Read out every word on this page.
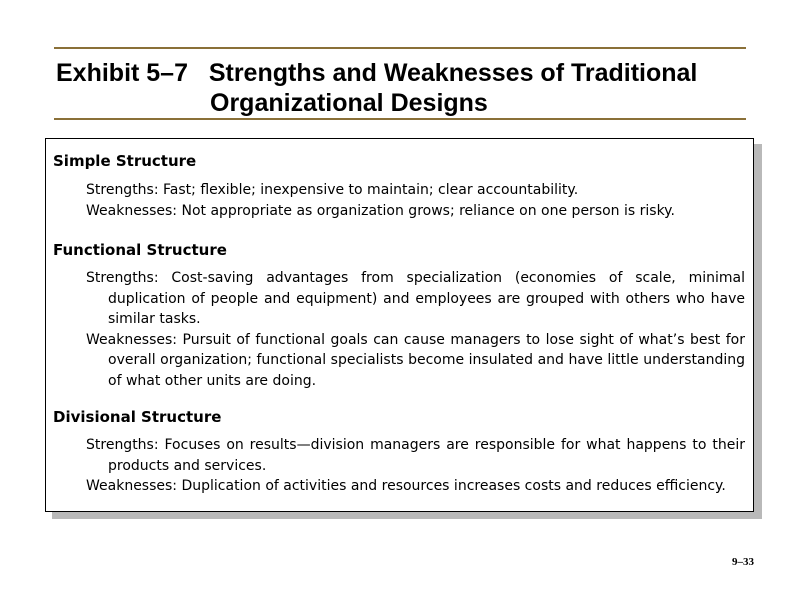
Exhibit 5–7   Strengths and Weaknesses of Traditional
Organizational Designs
Simple Structure
Strengths: Fast; flexible; inexpensive to maintain; clear accountability.
Weaknesses: Not appropriate as organization grows; reliance on one person is risky.
Functional Structure
Strengths: Cost-saving advantages from specialization (economies of scale, minimal duplication of people and equipment) and employees are grouped with others who have similar tasks.
Weaknesses: Pursuit of functional goals can cause managers to lose sight of what’s best for overall organization; functional specialists become insulated and have little understanding of what other units are doing.
Divisional Structure
Strengths: Focuses on results—division managers are responsible for what happens to their products and services.
Weaknesses: Duplication of activities and resources increases costs and reduces efficiency.
9–33
